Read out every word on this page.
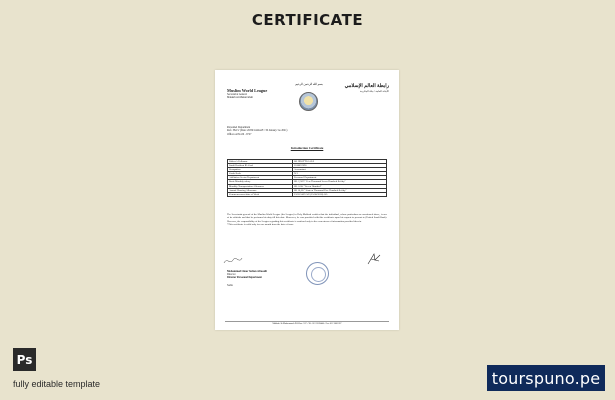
CERTIFICATE
بسم الله الرحمن الرحيم
Muslim World League
Secretariat General
Makkah Al-Mukarramah
رابطة العالم الإسلامي
الأمانة العامة / مكة المكرمة
Personnel Department
Ref.: 382/1/ (Date: 20/09/1442A.H / 30 January/ no 2021)
Offices A/No.06 - 6727
Introduction Certificate
Officer's Fullname	SO HNATTI GALE
Saudi Resident ID Card	2188857690
Occupation	Accountant
Grade/Scale	N/1
Affiliation Sector/Department	Personnel Department
Basic Monthly salary	SR. 2,587/" Few Thousand Seven Hundred & fifty"
Monthly Transportation Allowance	SR. 0.00/ "Seven Hundred"
Annual Housing Allowance	SR 10,00/" Sixteen Thousand Five Hundred & fifty"
Commencement date of Work	23/02/1439 AH (25/08/2018) AD
The Secretariat general of the Muslim World League (the League) in Holy Makkah certifies that the individual, whose particulars are mentioned above, is one of its officials and that he performs his duty till this date. Moreover, he was provided with this certificate upon his request to present to (United Saudi Bank). However, the responsibility of the League regarding this certificate is confined only to the correctness of information provided therein.
*This certificate is valid only for one month from the date of issue.
Mohammed Omar Sultan Alrasaili
Director
Director Personnel Department
Sadia
Makkah Al-Mukarramah P.O.Box: 537 - Tel: 012 5309444 - Fax: 012 5601267
Ps
fully editable template	tourspuno.pe
